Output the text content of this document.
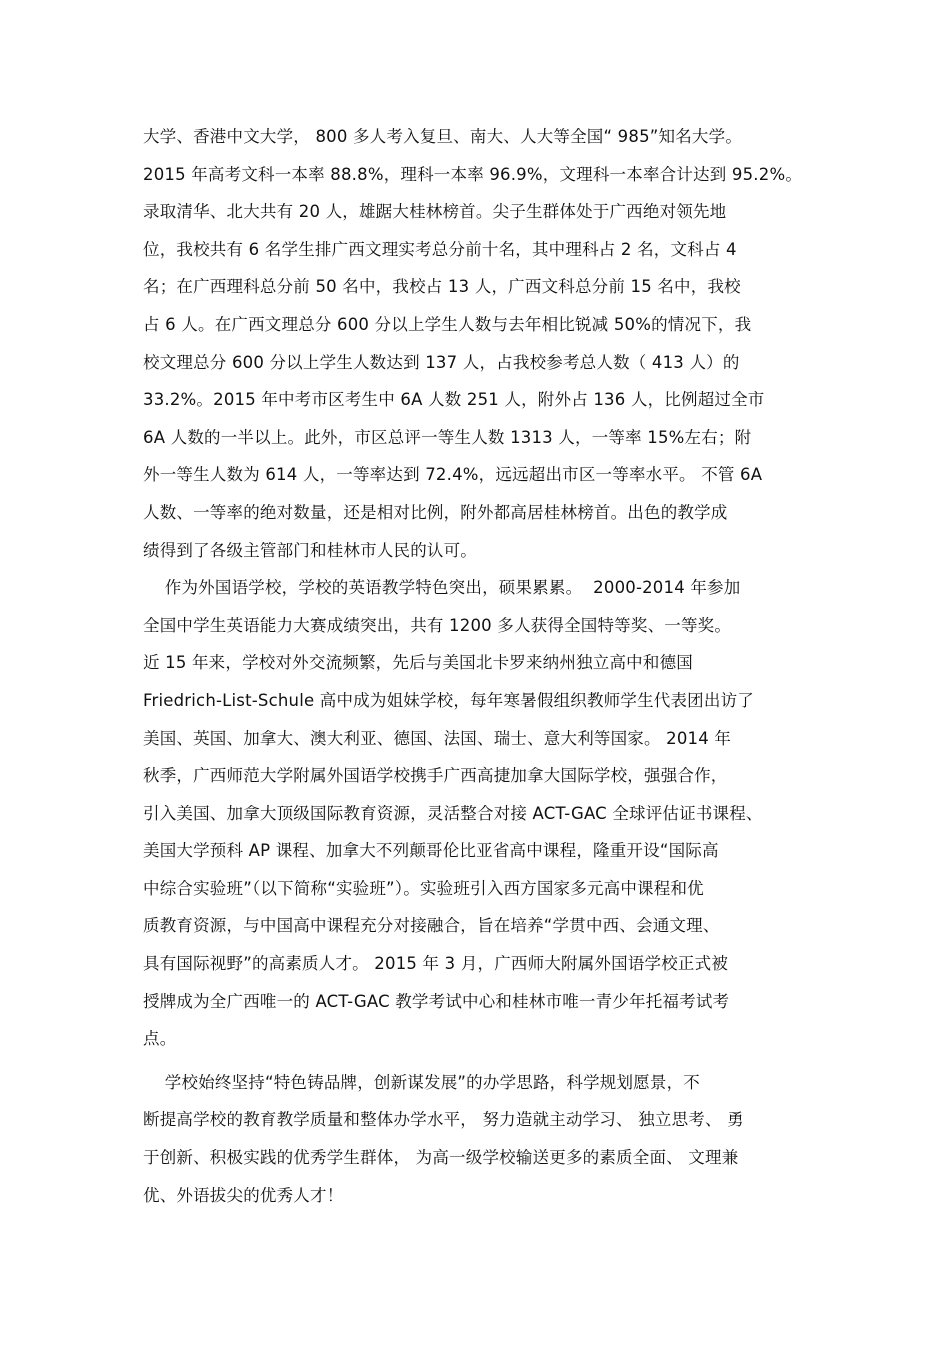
大学、香港中文大学， 800 多人考入复旦、南大、人大等全国“ 985”知名大学。
2015 年高考文科一本率 88.8%，理科一本率 96.9%，文理科一本率合计达到 95.2%。
录取清华、北大共有 20 人，雄踞大桂林榜首。尖子生群体处于广西绝对领先地
位，我校共有 6 名学生排广西文理实考总分前十名，其中理科占 2 名，文科占 4
名；在广西理科总分前 50 名中，我校占 13 人，广西文科总分前 15 名中，我校
占 6 人。在广西文理总分 600 分以上学生人数与去年相比锐减 50%的情况下，我
校文理总分 600 分以上学生人数达到 137 人，占我校参考总人数（ 413 人）的
33.2%。2015 年中考市区考生中 6A 人数 251 人，附外占 136 人，比例超过全市
6A 人数的一半以上。此外，市区总评一等生人数 1313 人，一等率 15%左右；附
外一等生人数为 614 人，一等率达到 72.4%，远远超出市区一等率水平。 不管 6A
人数、一等率的绝对数量，还是相对比例，附外都高居桂林榜首。出色的教学成
绩得到了各级主管部门和桂林市人民的认可。
作为外国语学校，学校的英语教学特色突出，硕果累累。  2000-2014 年参加
全国中学生英语能力大赛成绩突出，共有 1200 多人获得全国特等奖、一等奖。
近 15 年来，学校对外交流频繁，先后与美国北卡罗来纳州独立高中和德国
Friedrich-List-Schule 高中成为姐妹学校，每年寒暑假组织教师学生代表团出访了
美国、英国、加拿大、澳大利亚、德国、法国、瑞士、意大利等国家。 2014 年
秋季，广西师范大学附属外国语学校携手广西高捷加拿大国际学校，强强合作，
引入美国、加拿大顶级国际教育资源，灵活整合对接 ACT-GAC 全球评估证书课程、
美国大学预科 AP 课程、加拿大不列颠哥伦比亚省高中课程，隆重开设“国际高
中综合实验班”（以下简称“实验班”）。实验班引入西方国家多元高中课程和优
质教育资源，与中国高中课程充分对接融合，旨在培养“学贯中西、会通文理、
具有国际视野”的高素质人才。 2015 年 3 月，广西师大附属外国语学校正式被
授牌成为全广西唯一的 ACT-GAC 教学考试中心和桂林市唯一青少年托福考试考
点。
学校始终坚持“特色铸品牌，创新谋发展”的办学思路，科学规划愿景，不
断提高学校的教育教学质量和整体办学水平， 努力造就主动学习、 独立思考、 勇
于创新、积极实践的优秀学生群体， 为高一级学校输送更多的素质全面、 文理兼
优、外语拔尖的优秀人才！
